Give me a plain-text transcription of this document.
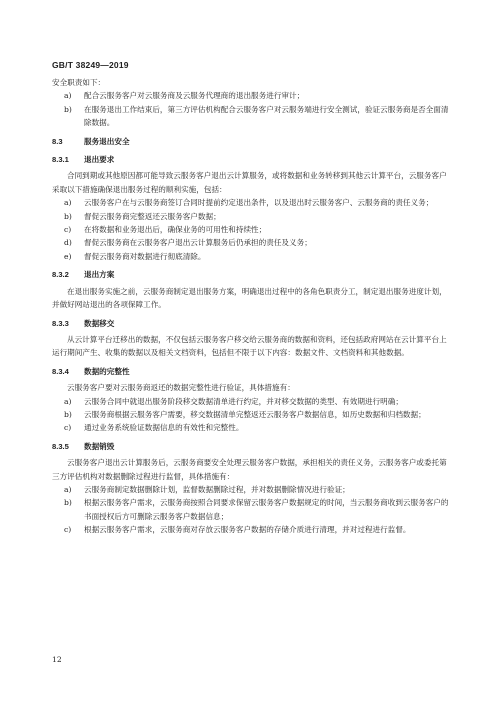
GB/T 38249—2019

安全职责如下：

a)	配合云服务客户对云服务商及云服务代理商的退出服务进行审计；
b)	在服务退出工作结束后，第三方评估机构配合云服务客户对云服务端进行安全测试，验证云服务商是否全面清除数据。
8.3	服务退出安全
8.3.1	退出要求

合同到期或其他原因都可能导致云服务客户退出云计算服务，或将数据和业务转移到其他云计算平台，云服务客户采取以下措施确保退出服务过程的顺利实施，包括：

a)	云服务客户在与云服务商签订合同时提前约定退出条件，以及退出时云服务客户、云服务商的责任义务；
b)	督促云服务商完整返还云服务客户数据；
c)	在将数据和业务退出后，确保业务的可用性和持续性；
d)	督促云服务商在云服务客户退出云计算服务后仍承担的责任及义务；
e)	督促云服务商对数据进行彻底清除。
8.3.2	退出方案

在退出服务实施之前，云服务商制定退出服务方案，明确退出过程中的各角色职责分工，制定退出服务进度计划，并做好网站退出的各项保障工作。

8.3.3	数据移交

从云计算平台迁移出的数据，不仅包括云服务客户移交给云服务商的数据和资料，还包括政府网站在云计算平台上运行期间产生、收集的数据以及相关文档资料，包括但不限于以下内容：数据文件、文档资料和其他数据。

8.3.4	数据的完整性

云服务客户要对云服务商返还的数据完整性进行验证，具体措施有：

a)	云服务合同中就退出服务阶段移交数据清单进行约定，并对移交数据的类型、有效期进行明确；
b)	云服务商根据云服务客户需要，移交数据清单完整返还云服务客户数据信息，如历史数据和归档数据；
c)	通过业务系统验证数据信息的有效性和完整性。
8.3.5	数据销毁

云服务客户退出云计算服务后，云服务商要安全处理云服务客户数据，承担相关的责任义务，云服务客户或委托第三方评估机构对数据删除过程进行监督，具体措施有：

a)	云服务商制定数据删除计划，监督数据删除过程，并对数据删除情况进行验证；
b)	根据云服务客户需求，云服务商按照合同要求保留云服务客户数据规定的时间，当云服务商收到云服务客户的书面授权后方可删除云服务客户数据信息；
c)	根据云服务客户需求，云服务商对存放云服务客户数据的存储介质进行清理，并对过程进行监督。
12
